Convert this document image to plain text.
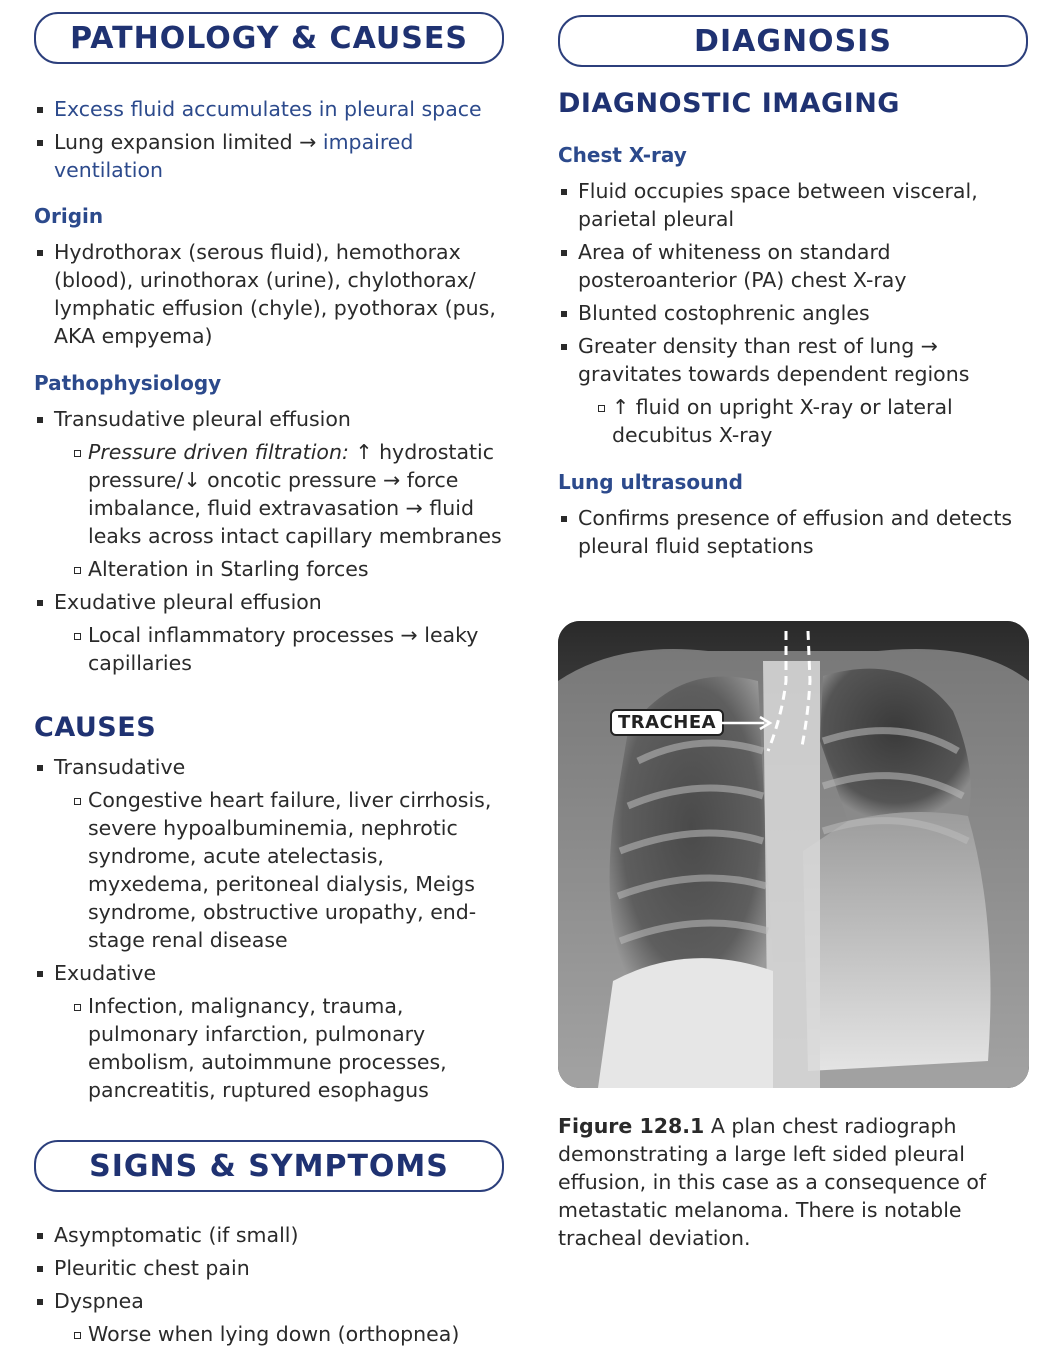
PATHOLOGY & CAUSES
Excess fluid accumulates in pleural space
Lung expansion limited → impaired ventilation
Origin
Hydrothorax (serous fluid), hemothorax (blood), urinothorax (urine), chylothorax/ lymphatic effusion (chyle), pyothorax (pus, AKA empyema)
Pathophysiology
Transudative pleural effusion
Pressure driven filtration: ↑ hydrostatic pressure/↓ oncotic pressure → force imbalance, fluid extravasation → fluid leaks across intact capillary membranes
Alteration in Starling forces
Exudative pleural effusion
Local inflammatory processes → leaky capillaries
CAUSES
Transudative
Congestive heart failure, liver cirrhosis, severe hypoalbuminemia, nephrotic syndrome, acute atelectasis, myxedema, peritoneal dialysis, Meigs syndrome, obstructive uropathy, end-stage renal disease
Exudative
Infection, malignancy, trauma, pulmonary infarction, pulmonary embolism, autoimmune processes, pancreatitis, ruptured esophagus
SIGNS & SYMPTOMS
Asymptomatic (if small)
Pleuritic chest pain
Dyspnea
Worse when lying down (orthopnea)
DIAGNOSIS
DIAGNOSTIC IMAGING
Chest X-ray
Fluid occupies space between visceral, parietal pleural
Area of whiteness on standard posteroanterior (PA) chest X-ray
Blunted costophrenic angles
Greater density than rest of lung → gravitates towards dependent regions
↑ fluid on upright X-ray or lateral decubitus X-ray
Lung ultrasound
Confirms presence of effusion and detects pleural fluid septations
TRACHEA
Figure 128.1 A plan chest radiograph demonstrating a large left sided pleural effusion, in this case as a consequence of metastatic melanoma. There is notable tracheal deviation.
